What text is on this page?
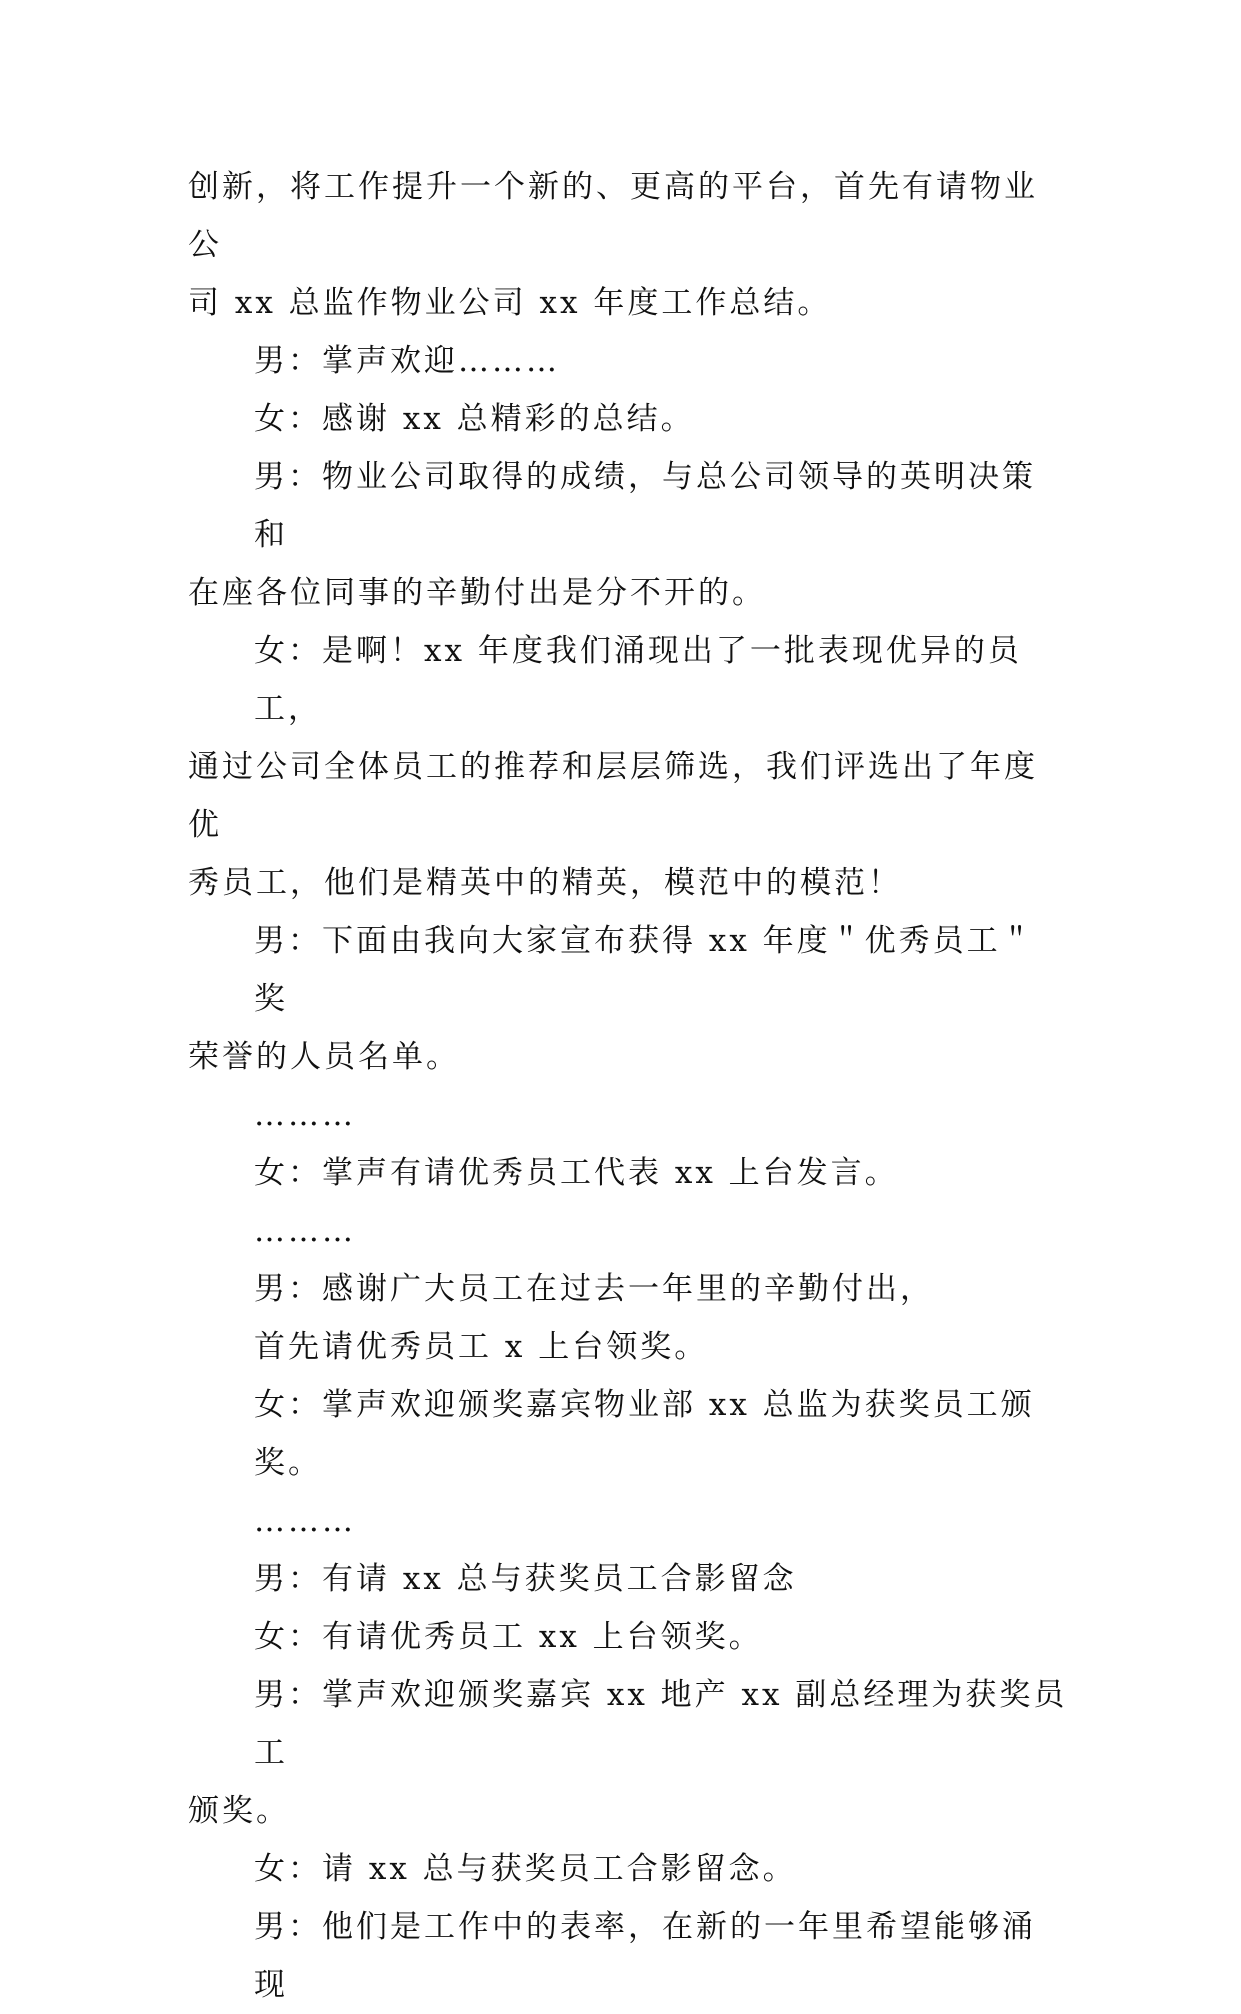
创新，将工作提升一个新的、更高的平台，首先有请物业公
司 xx 总监作物业公司 xx 年度工作总结。
男：掌声欢迎………
女：感谢 xx 总精彩的总结。
男：物业公司取得的成绩，与总公司领导的英明决策和
在座各位同事的辛勤付出是分不开的。
女：是啊！xx 年度我们涌现出了一批表现优异的员工，
通过公司全体员工的推荐和层层筛选，我们评选出了年度优
秀员工，他们是精英中的精英，模范中的模范！
男：下面由我向大家宣布获得 xx 年度＂优秀员工＂奖
荣誉的人员名单。
………
女：掌声有请优秀员工代表 xx 上台发言。
………
男：感谢广大员工在过去一年里的辛勤付出，
首先请优秀员工 x 上台领奖。
女：掌声欢迎颁奖嘉宾物业部 xx 总监为获奖员工颁奖。
………
男：有请 xx 总与获奖员工合影留念
女：有请优秀员工 xx 上台领奖。
男：掌声欢迎颁奖嘉宾 xx 地产 xx 副总经理为获奖员工
颁奖。
女：请 xx 总与获奖员工合影留念。
男：他们是工作中的表率，在新的一年里希望能够涌现
